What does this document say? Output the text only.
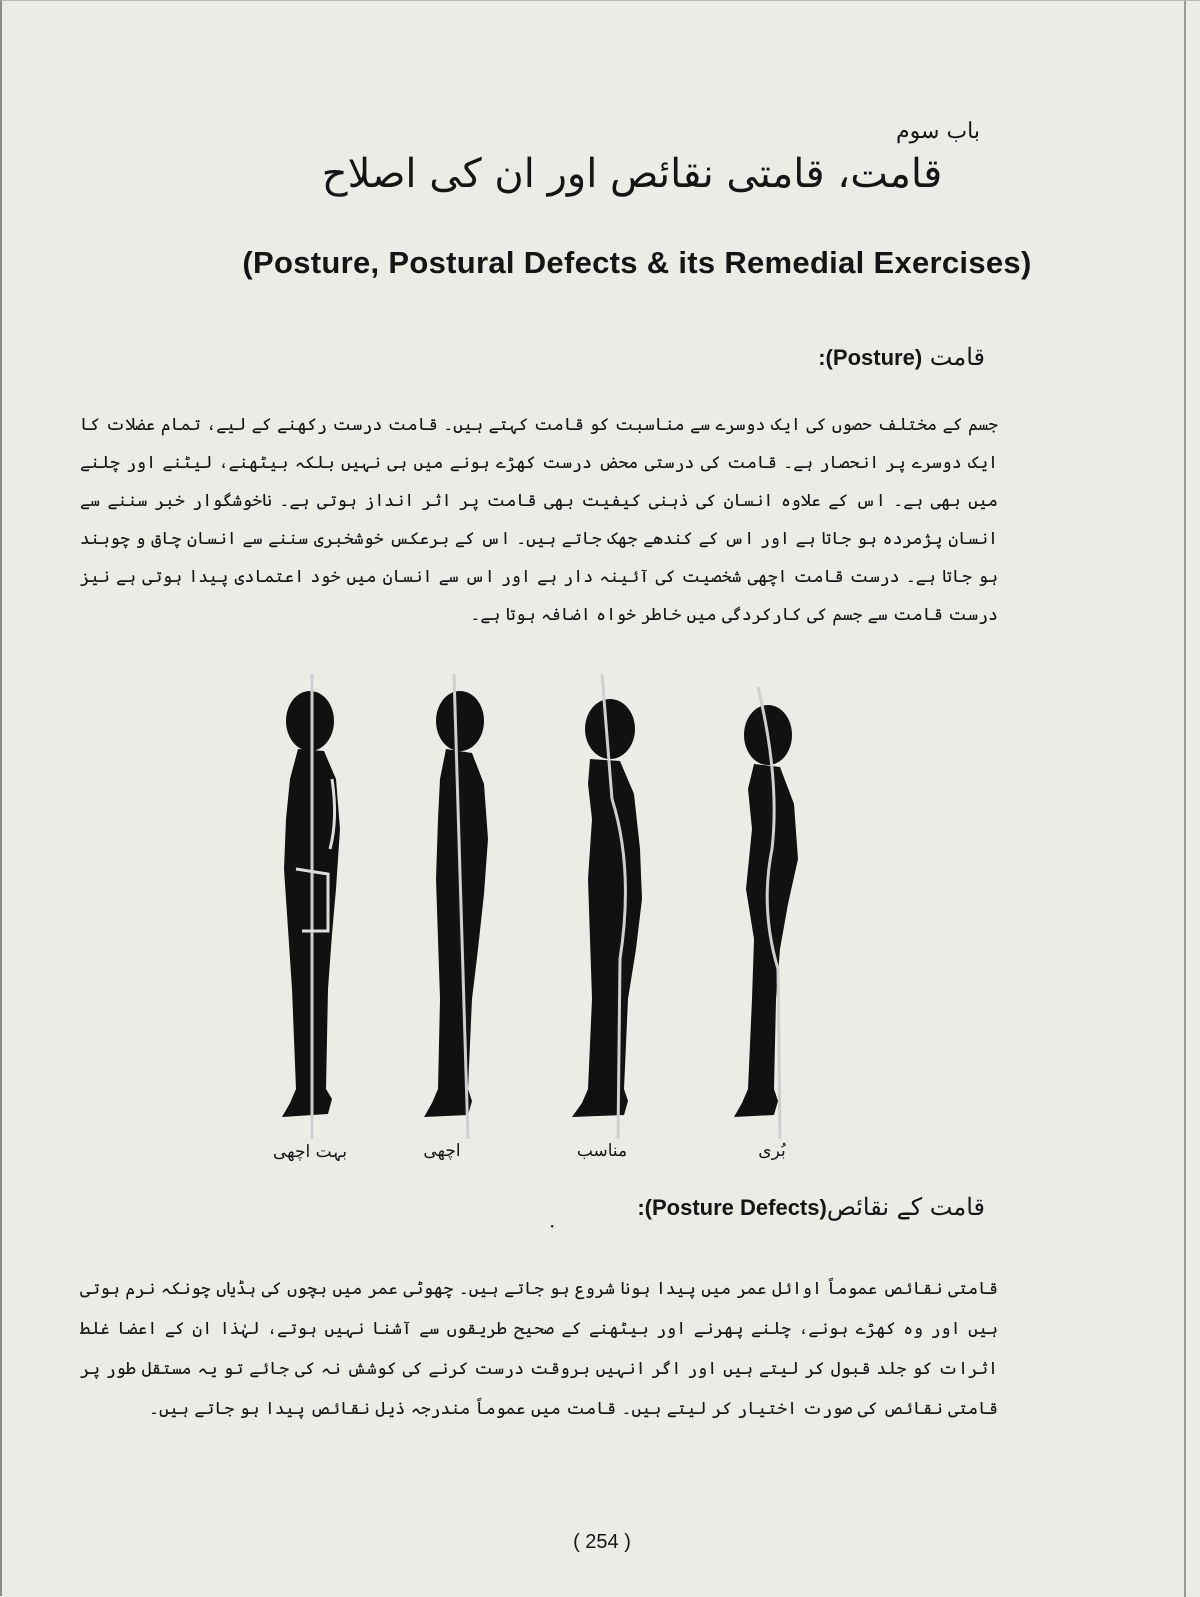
باب سوم
قامت، قامتی نقائص اور ان کی اصلاح
(Posture, Postural Defects & its Remedial Exercises)
قامت (Posture):
جسم کے مختلف حصوں کی ایک دوسرے سے مناسبت کو قامت کہتے ہیں۔ قامت درست رکھنے کے لیے، تمام عضلات کا ایک دوسرے پر انحصار ہے۔ قامت کی درستی محض درست کھڑے ہونے میں ہی نہیں بلکہ بیٹھنے، لیٹنے اور چلنے میں بھی ہے۔ اس کے علاوہ انسان کی ذہنی کیفیت بھی قامت پر اثر انداز ہوتی ہے۔ ناخوشگوار خبر سننے سے انسان پژمردہ ہو جاتا ہے اور اس کے کندھے جھک جاتے ہیں۔ اس کے برعکس خوشخبری سننے سے انسان چاق و چوبند ہو جاتا ہے۔ درست قامت اچھی شخصیت کی آئینہ دار ہے اور اس سے انسان میں خود اعتمادی پیدا ہوتی ہے نیز درست قامت سے جسم کی کارکردگی میں خاطر خواہ اضافہ ہوتا ہے۔
بہت اچھی	اچھی	مناسب	بُری
·
قامت کے نقائص(Posture Defects):
قامتی نقائص عموماً اوائل عمر میں پیدا ہونا شروع ہو جاتے ہیں۔ چھوٹی عمر میں بچوں کی ہڈیاں چونکہ نرم ہوتی ہیں اور وہ کھڑے ہونے، چلنے پھرنے اور بیٹھنے کے صحیح طریقوں سے آشنا نہیں ہوتے، لہٰذا ان کے اعضا غلط اثرات کو جلد قبول کر لیتے ہیں اور اگر انہیں بروقت درست کرنے کی کوشش نہ کی جائے تو یہ مستقل طور پر قامتی نقائص کی صورت اختیار کر لیتے ہیں۔ قامت میں عموماً مندرجہ ذیل نقائص پیدا ہو جاتے ہیں۔
( 254 )
